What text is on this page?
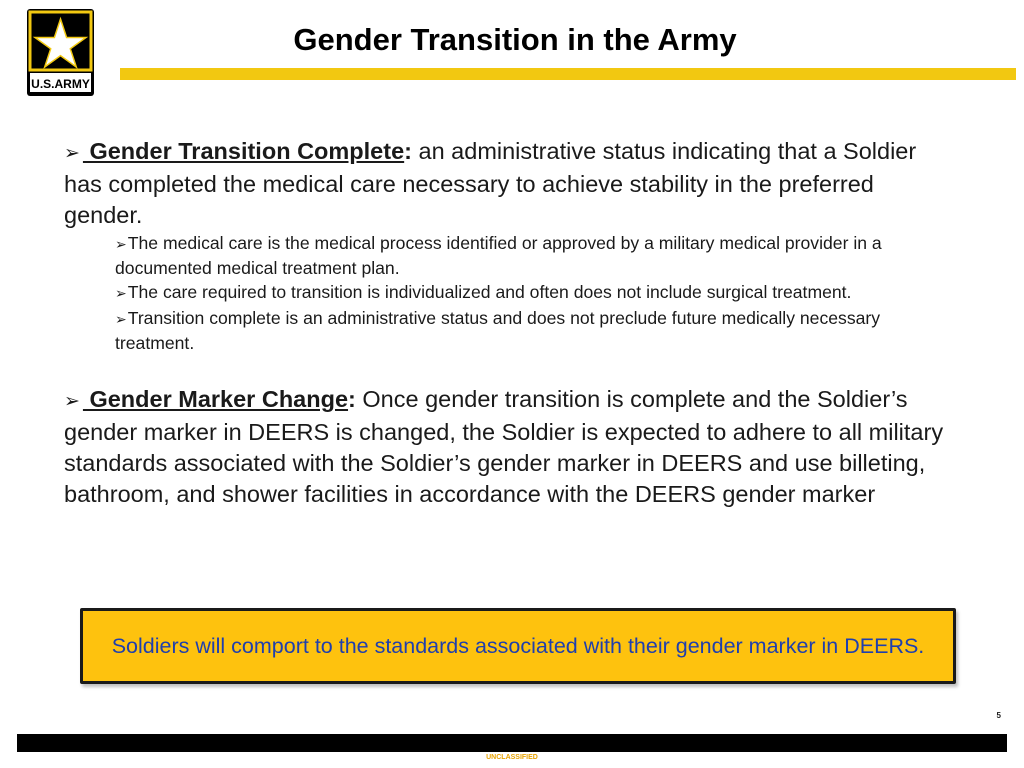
U.S.ARMY
Gender Transition in the Army

➢ Gender Transition Complete: an administrative status indicating that a Soldier has completed the medical care necessary to achieve stability in the preferred gender.

➢The medical care is the medical process identified or approved by a military medical provider in a documented medical treatment plan.

➢The care required to transition is individualized and often does not include surgical treatment.

➢Transition complete is an administrative status and does not preclude future medically necessary treatment.

➢ Gender Marker Change: Once gender transition is complete and the Soldier’s gender marker in DEERS is changed, the Soldier is expected to adhere to all military standards associated with the Soldier’s gender marker in DEERS and use billeting, bathroom, and shower facilities in accordance with the DEERS gender marker

Soldiers will comport to the standards associated with their gender marker in DEERS.
5
UNCLASSIFIED
